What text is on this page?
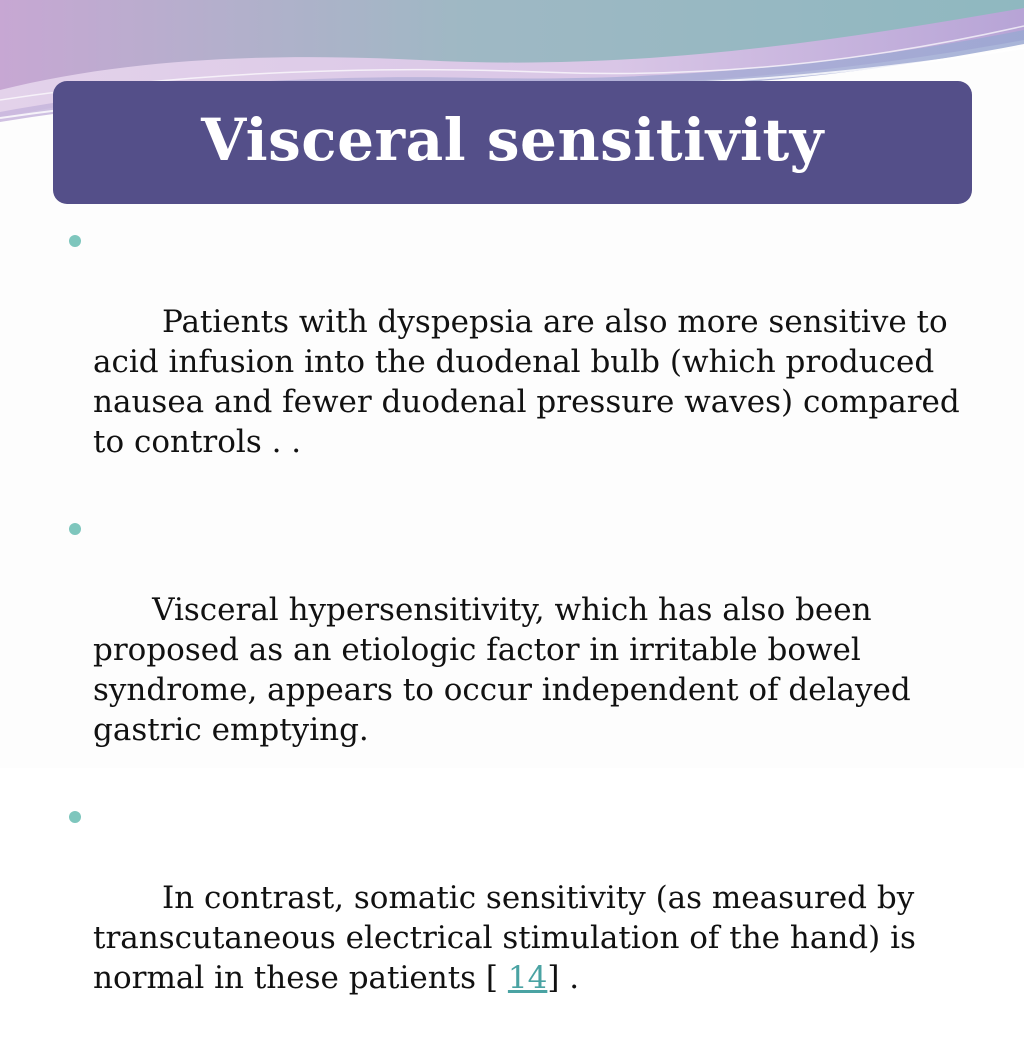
Visceral sensitivity

Patients with dyspepsia are also more sensitive to acid infusion into the duodenal bulb (which produced nausea and fewer duodenal pressure waves) compared to controls . .

Visceral hypersensitivity, which has also been proposed as an etiologic factor in irritable bowel syndrome, appears to occur independent of delayed gastric emptying.

In contrast, somatic sensitivity (as measured by transcutaneous electrical stimulation of the hand) is normal in these patients [ 14] .
